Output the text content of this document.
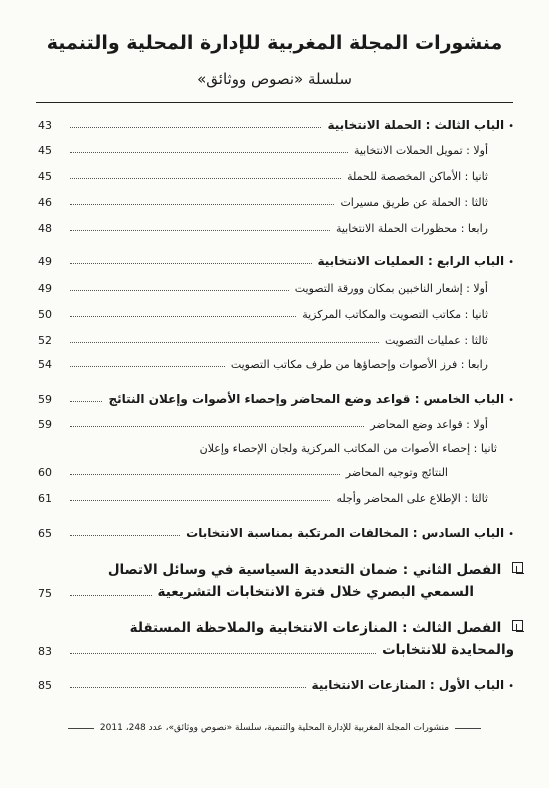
منشورات المجلة المغربية للإدارة المحلية والتنمية
سلسلة «نصوص ووثائق»
•
الباب الثالث : الحملة الانتخابية
43
أولا : تمويل الحملات الانتخابية
45
ثانيا : الأماكن المخصصة للحملة
45
ثالثا : الحملة عن طريق مسيرات
46
رابعا : محظورات الحملة الانتخابية
48
•
الباب الرابع : العمليات الانتخابية
49
أولا : إشعار الناخبين بمكان وورقة التصويت
49
ثانيا : مكاتب التصويت والمكاتب المركزية
50
ثالثا : عمليات التصويت
52
رابعا : فرز الأصوات وإحصاؤها من طرف مكاتب التصويت
54
•
الباب الخامس : قواعد وضع المحاضر وإحصاء الأصوات وإعلان النتائج
59
أولا : قواعد وضع المحاضر
59
ثانيا : إحصاء الأصوات من المكاتب المركزية ولجان الإحصاء وإعلان
النتائج وتوجيه المحاضر
60
ثالثا : الإطلاع على المحاضر وأجله
61
•
الباب السادس : المخالفات المرتكبة بمناسبة الانتخابات
65
الفصل الثاني : ضمان التعددية السياسية في وسائل الاتصال
السمعي البصري خلال فترة الانتخابات التشريعية
75
الفصل الثالث : المنازعات الانتخابية والملاحظة المستقلة
والمحايدة للانتخابات
83
•
الباب الأول : المنازعات الانتخابية
85
منشورات المجلة المغربية للإدارة المحلية والتنمية، سلسلة «نصوص ووثائق»، عدد 248، 2011
